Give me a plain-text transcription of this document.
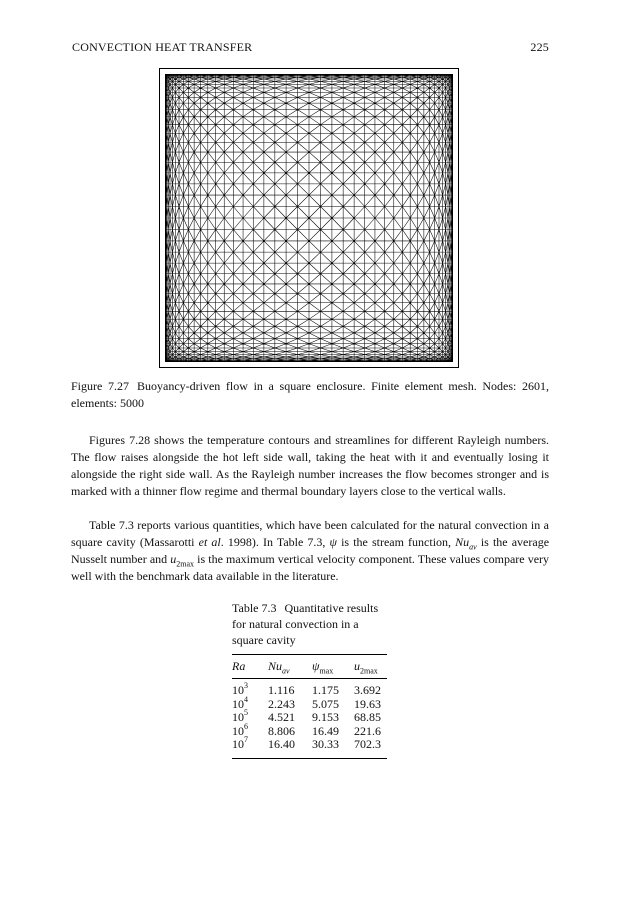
CONVECTION HEAT TRANSFER	225
Figure 7.27 Buoyancy-driven flow in a square enclosure. Finite element mesh. Nodes: 2601, elements: 5000

Figures 7.28 shows the temperature contours and streamlines for different Rayleigh numbers. The flow raises alongside the hot left side wall, taking the heat with it and eventually losing it alongside the right side wall. As the Rayleigh number increases the flow becomes stronger and is marked with a thinner flow regime and thermal boundary layers close to the vertical walls.

Table 7.3 reports various quantities, which have been calculated for the natural convection in a square cavity (Massarotti et al. 1998). In Table 7.3, ψ is the stream function, $Nu_{av}$ is the average Nusselt number and $u_{2max}$ is the maximum vertical velocity component. These values compare very well with the benchmark data available in the literature.

Table 7.3 Quantitative results for natural convection in a square cavity
Ra	$Nu_{av}$	$\psi_{max}$	$u_{2max}$
$10^3$	1.116	1.175	3.692
$10^4$	2.243	5.075	19.63
$10^5$	4.521	9.153	68.85
$10^6$	8.806	16.49	221.6
$10^7$	16.40	30.33	702.3
